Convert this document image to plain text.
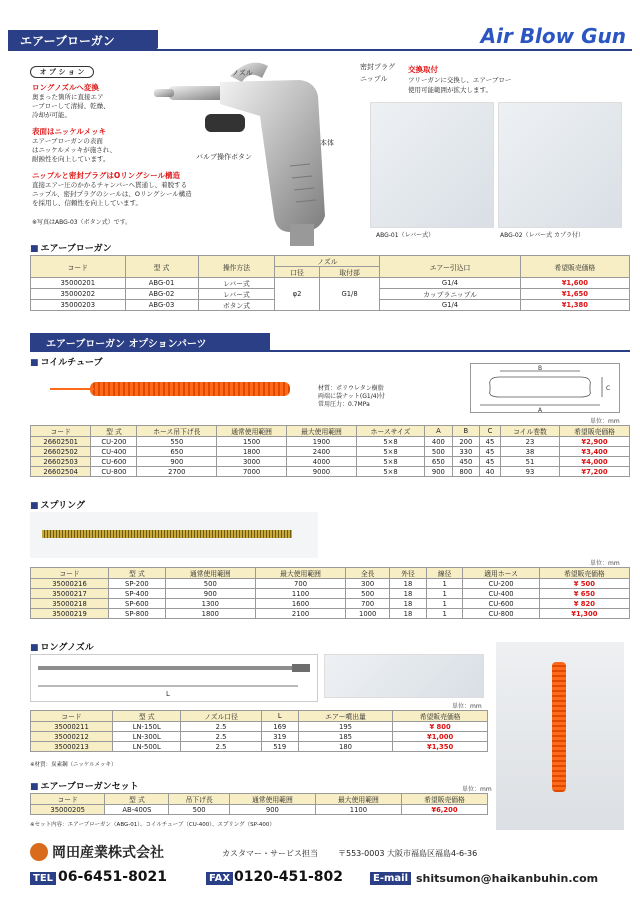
エアーブローガン	Air Blow Gun
オ プ シ ョ ン
ロングノズルへ変換
奥まった箇所に直接エア
ーブローして清掃、乾燥、
冷却が可能。
表面はニッケルメッキ
エアーブローガンの表面
はニッケルメッキが施され、
耐蝕性を向上しています。
ニップルと密封プラグはOリングシール構造
直接エアー圧のかかるチャンバーへ貫通し、着脱する
ニップル、密封プラグのシールは、Oリングシール構造
を採用し、信頼性を向上しています。
※写真はABG-03（ボタン式）です。
ノズル
密封プラグ
ニップル
交換取付
ツリーガンに交換し、エアーブロー
使用可能範囲が拡大します。
本体
バルブ操作ボタン
ABG-01（レバー式）	ABG-02（レバー式 カプラ付）
■ エアーブローガン
コード	型 式	操作方法	ノズル		エアー引込口	希望販売価格
			口径	取付部		
35000201	ABG-01	レバー式	φ2	G1/8	G1/4	¥1,600
35000202	ABG-02	レバー式			カップラニップル	¥1,650
35000203	ABG-03	ボタン式			G1/4	¥1,380
エアーブローガン オプションパーツ
■ コイルチューブ
材質：ポリウレタン樹脂
両端に袋ナット(G1/4)付
常用圧力：0.7MPa
B
A
C
単位：mm
コード	型 式	ホース吊下げ長	通常使用範囲	最大使用範囲	ホースサイズ	A	B	C	コイル巻数	希望販売価格
26602501	CU-200	550	1500	1900	5×8	400	200	45	23	¥2,900
26602502	CU-400	650	1800	2400	5×8	500	330	45	38	¥3,400
26602503	CU-600	900	3000	4000	5×8	650	450	45	51	¥4,000
26602504	CU-800	2700	7000	9000	5×8	900	800	40	93	¥7,200
■ スプリング
単位：mm
コード	型 式	通常使用範囲	最大使用範囲	全長	外径	線径	適用ホース	希望販売価格
35000216	SP-200	500	700	300	18	1	CU-200	¥ 500
35000217	SP-400	900	1100	500	18	1	CU-400	¥ 650
35000218	SP-600	1300	1600	700	18	1	CU-600	¥ 820
35000219	SP-800	1800	2100	1000	18	1	CU-800	¥1,300
■ ロングノズル
L
単位：mm
コード	型 式	ノズル口径	L	エアー噴出量	希望販売価格
35000211	LN-150L	2.5	169	195	¥ 800
35000212	LN-300L	2.5	319	185	¥1,000
35000213	LN-500L	2.5	519	180	¥1,350
※材質：炭素鋼（ニッケルメッキ）
■ エアーブローガンセット	単位：mm
コード	型 式	吊下げ長	通常使用範囲	最大使用範囲	希望販売価格
35000205	AB-400S	500	900	1100	¥6,200
※セット内容：エアーブローガン（ABG-01）、コイルチューブ（CU-400）、スプリング（SP-400）
岡田産業株式会社	カスタマー・サービス担当	〒553-0003 大阪市福島区福島4-6-36
TEL 06-6451-8021	FAX 0120-451-802	E-mail shitsumon@haikanbuhin.com
